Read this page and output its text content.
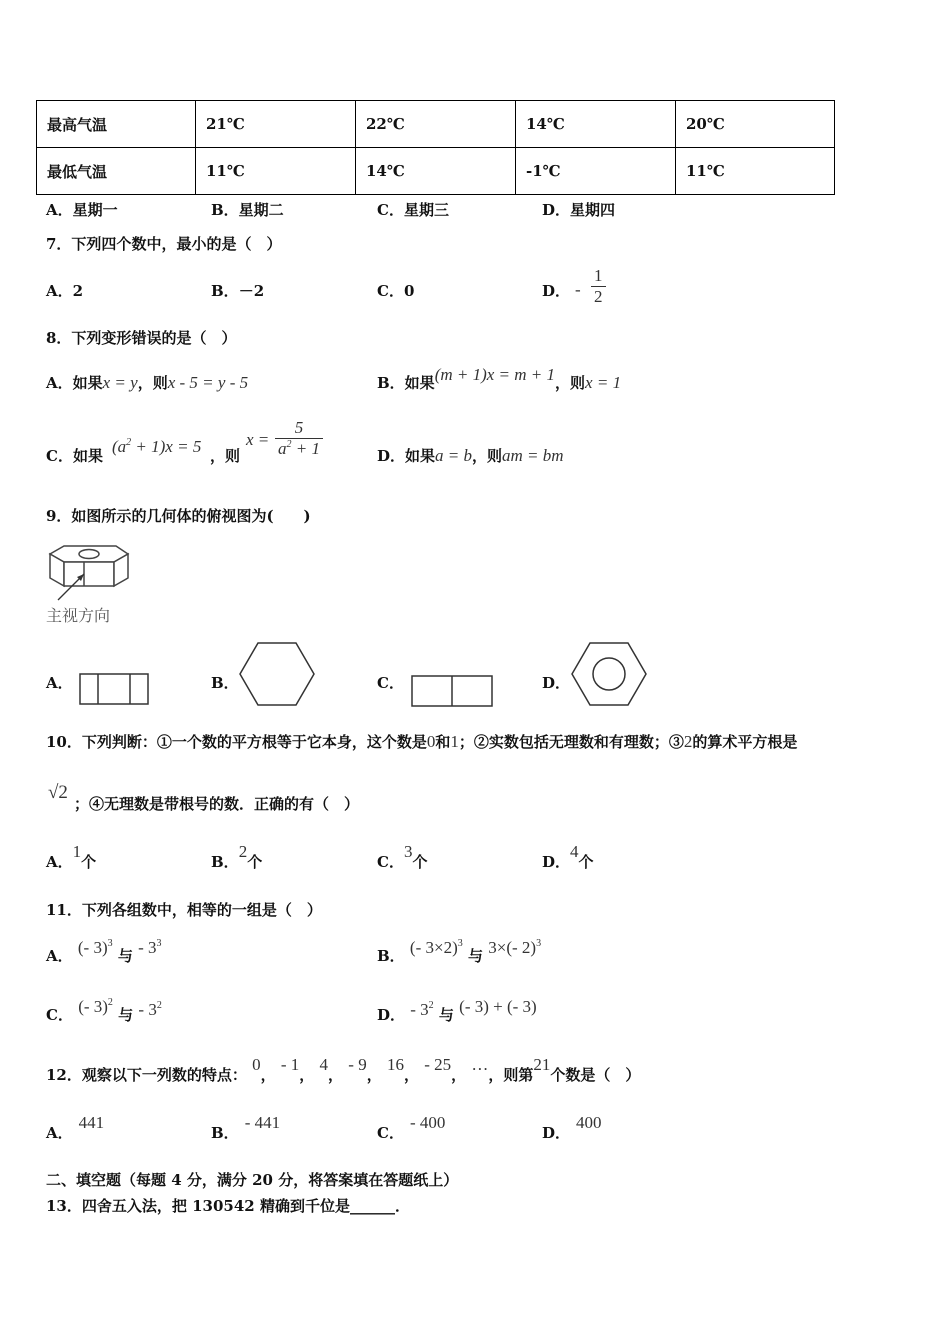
最高气温	21℃	22℃	14℃	20℃
最低气温	11℃	14℃	-1℃	11℃
A．星期一	B．星期二	C．星期三	D．星期四
7．下列四个数中，最小的是（　）
A．2	B．－2	C．0	D． - $\frac{1}{2}$
8．下列变形错误的是（　）
A．如果x = y，则x - 5 = y - 5	B．如果(m + 1)x = m + 1，则x = 1
C．如果 $(a^2 + 1)x = 5$ ，则
$x = \frac{5}{a^2 + 1}$	D．如果a = b，则am = bm
9．如图所示的几何体的俯视图为(　　)
主视方向
A．	B．	C．	D．
10．下列判断：①一个数的平方根等于它本身，这个数是0和1；②实数包括无理数和有理数；③2的算术平方根是
√2
；④无理数是带根号的数．正确的有（　）
A．1个	B．2个	C．3个	D．4个
11．下列各组数中，相等的一组是（　）
A． (- 3)$^3$ 与 - $3^3$
B． (- 3×2)$^3$ 与 3×(- 2)$^3$
C． (- 3)$^2$ 与 - $3^2$
D． - $3^2$ 与 (- 3) + (- 3)
12．观察以下一列数的特点： 0， - 1， 4， - 9， 16， - 25， …，则第21个数是（　）
A．441
B．- 441
C．- 400
D．400
二、填空题（每题 4 分，满分 20 分，将答案填在答题纸上）
13．四舍五入法，把 130542 精确到千位是______．
